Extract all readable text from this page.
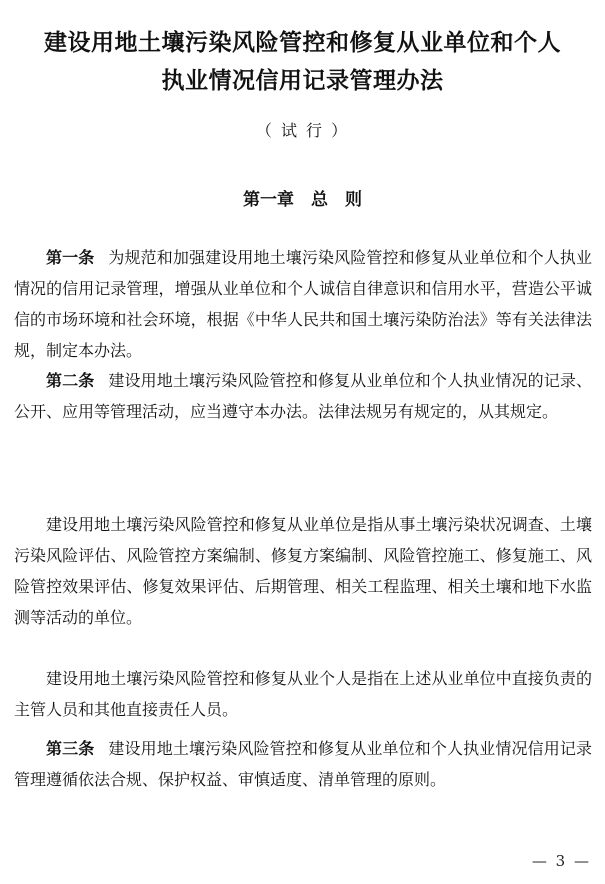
建设用地土壤污染风险管控和修复从业单位和个人
执业情况信用记录管理办法
（ 试 行 ）
第一章　总　则

第一条 为规范和加强建设用地土壤污染风险管控和修复从业单位和个人执业情况的信用记录管理，增强从业单位和个人诚信自律意识和信用水平，营造公平诚信的市场环境和社会环境，根据《中华人民共和国土壤污染防治法》等有关法律法规，制定本办法。

第二条 建设用地土壤污染风险管控和修复从业单位和个人执业情况的记录、公开、应用等管理活动，应当遵守本办法。法律法规另有规定的，从其规定。

建设用地土壤污染风险管控和修复从业单位是指从事土壤污染状况调查、土壤污染风险评估、风险管控方案编制、修复方案编制、风险管控施工、修复施工、风险管控效果评估、修复效果评估、后期管理、相关工程监理、相关土壤和地下水监测等活动的单位。

建设用地土壤污染风险管控和修复从业个人是指在上述从业单位中直接负责的主管人员和其他直接责任人员。

第三条 建设用地土壤污染风险管控和修复从业单位和个人执业情况信用记录管理遵循依法合规、保护权益、审慎适度、清单管理的原则。

— 3 —
